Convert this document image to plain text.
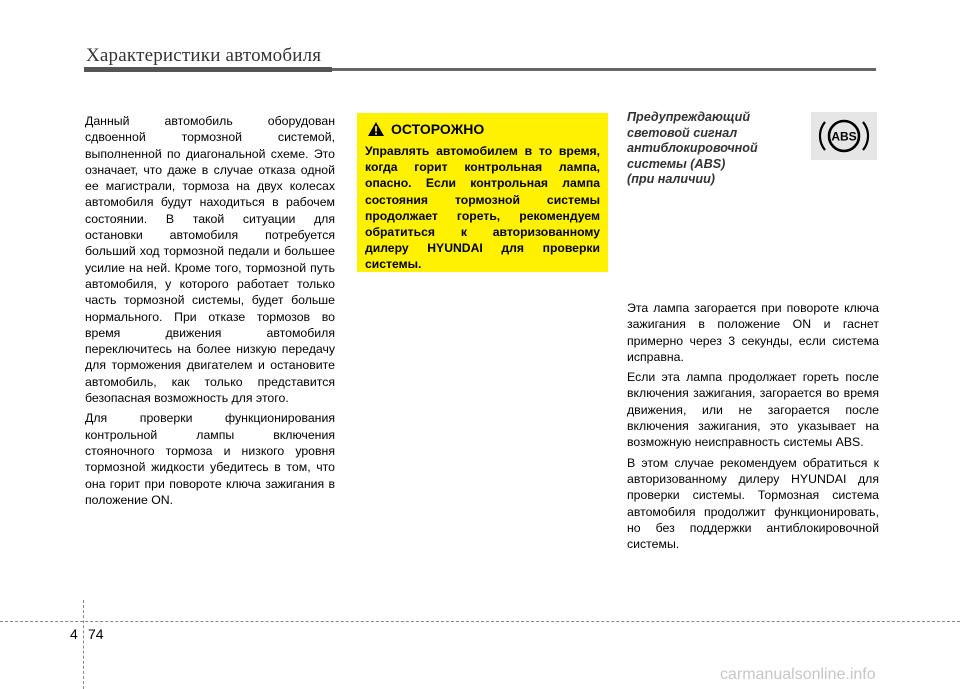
Характеристики автомобиля

Данный автомобиль оборудован сдвоенной тормозной системой, выполненной по диагональной схеме. Это означает, что даже в случае отказа одной ее магистрали, тормоза на двух колесах автомобиля будут находиться в рабочем состоянии. В такой ситуации для остановки автомобиля потребуется больший ход тормозной педали и большее усилие на ней. Кроме того, тормозной путь автомобиля, у которого работает только часть тормозной системы, будет больше нормального. При отказе тормозов во время движения автомобиля переключитесь на более низкую передачу для торможения двигателем и остановите автомобиль, как только представится безопасная возможность для этого.

Для проверки функционирования контрольной лампы включения стояночного тормоза и низкого уровня тормозной жидкости убедитесь в том, что она горит при повороте ключа зажигания в положение ON.

ОСТОРОЖНО
Управлять автомобилем в то время, когда горит контрольная лампа, опасно. Если контрольная лампа состояния тормозной системы продолжает гореть, рекомендуем обратиться к авторизованному дилеру HYUNDAI для проверки системы.
Предупреждающий
световой сигнал
антиблокировочной
системы (ABS)
(при наличии)
ABS

Эта лампа загорается при повороте ключа зажигания в положение ON и гаснет примерно через 3 секунды, если система исправна.

Если эта лампа продолжает гореть после включения зажигания, загорается во время движения, или не загорается после включения зажигания, это указывает на возможную неисправность системы ABS.

В этом случае рекомендуем обратиться к авторизованному дилеру HYUNDAI для проверки системы. Тормозная система автомобиля продолжит функционировать, но без поддержки антиблокировочной системы.

4 74
carmanualsonline.info
